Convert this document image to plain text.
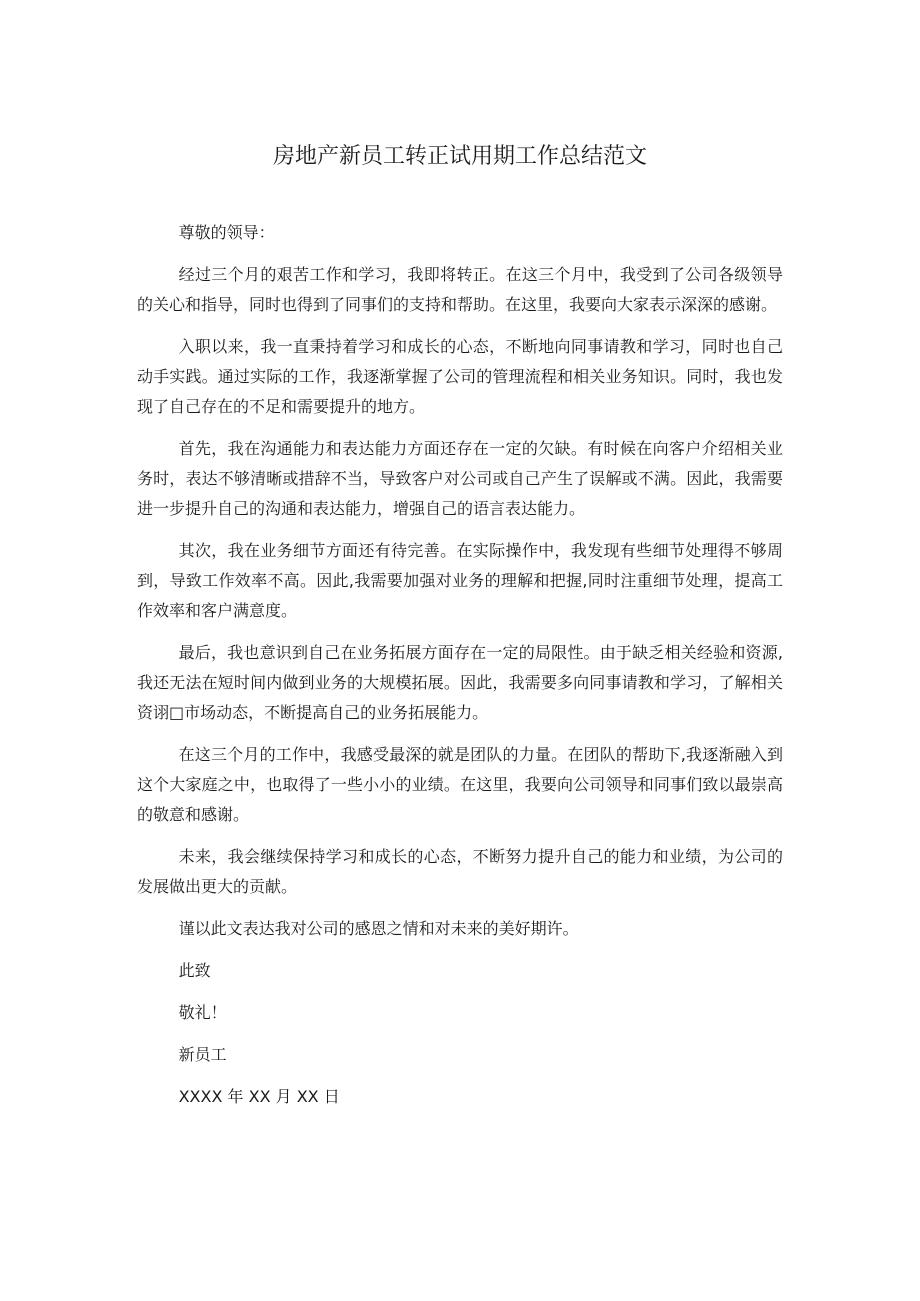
房地产新员工转正试用期工作总结范文

尊敬的领导：

经过三个月的艰苦工作和学习，我即将转正。在这三个月中，我受到了公司各级领导的关心和指导，同时也得到了同事们的支持和帮助。在这里，我要向大家表示深深的感谢。

入职以来，我一直秉持着学习和成长的心态，不断地向同事请教和学习，同时也自己动手实践。通过实际的工作，我逐渐掌握了公司的管理流程和相关业务知识。同时，我也发现了自己存在的不足和需要提升的地方。

首先，我在沟通能力和表达能力方面还存在一定的欠缺。有时候在向客户介绍相关业务时，表达不够清晰或措辞不当，导致客户对公司或自己产生了误解或不满。因此，我需要进一步提升自己的沟通和表达能力，增强自己的语言表达能力。

其次，我在业务细节方面还有待完善。在实际操作中，我发现有些细节处理得不够周到，导致工作效率不高。因此,我需要加强对业务的理解和把握,同时注重细节处理，提高工作效率和客户满意度。

最后，我也意识到自己在业务拓展方面存在一定的局限性。由于缺乏相关经验和资源,我还无法在短时间内做到业务的大规模拓展。因此，我需要多向同事请教和学习，了解相关资诩□市场动态，不断提高自己的业务拓展能力。

在这三个月的工作中，我感受最深的就是团队的力量。在团队的帮助下,我逐渐融入到这个大家庭之中，也取得了一些小小的业绩。在这里，我要向公司领导和同事们致以最崇高的敬意和感谢。

未来，我会继续保持学习和成长的心态，不断努力提升自己的能力和业绩，为公司的发展做出更大的贡献。

谨以此文表达我对公司的感恩之情和对未来的美好期许。

此致

敬礼！

新员工

XXXX 年 XX 月 XX 日
